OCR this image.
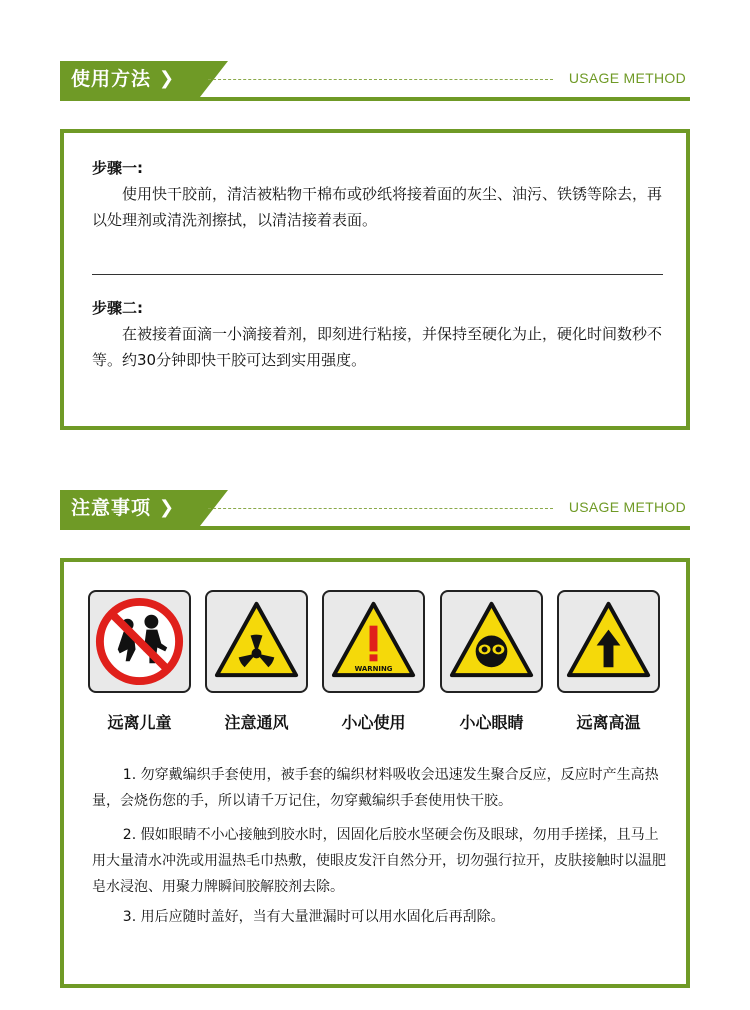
使用方法 ❯	USAGE METHOD
步骤一:
使用快干胶前，清洁被粘物干棉布或砂纸将接着面的灰尘、油污、铁锈等除去，再以处理剂或清洗剂擦拭，以清洁接着表面。
步骤二:
在被接着面滴一小滴接着剂，即刻进行粘接，并保持至硬化为止，硬化时间数秒不等。约30分钟即快干胶可达到实用强度。
注意事项 ❯	USAGE METHOD
WARNING
远离儿童	注意通风	小心使用	小心眼睛	远离高温
1. 勿穿戴编织手套使用，被手套的编织材料吸收会迅速发生聚合反应，反应时产生高热量，会烧伤您的手，所以请千万记住，勿穿戴编织手套使用快干胶。
2. 假如眼睛不小心接触到胶水时，因固化后胶水坚硬会伤及眼球，勿用手搓揉，且马上用大量清水冲洗或用温热毛巾热敷，使眼皮发汗自然分开，切勿强行拉开，皮肤接触时以温肥皂水浸泡、用聚力牌瞬间胶解胶剂去除。
3. 用后应随时盖好，当有大量泄漏时可以用水固化后再刮除。
